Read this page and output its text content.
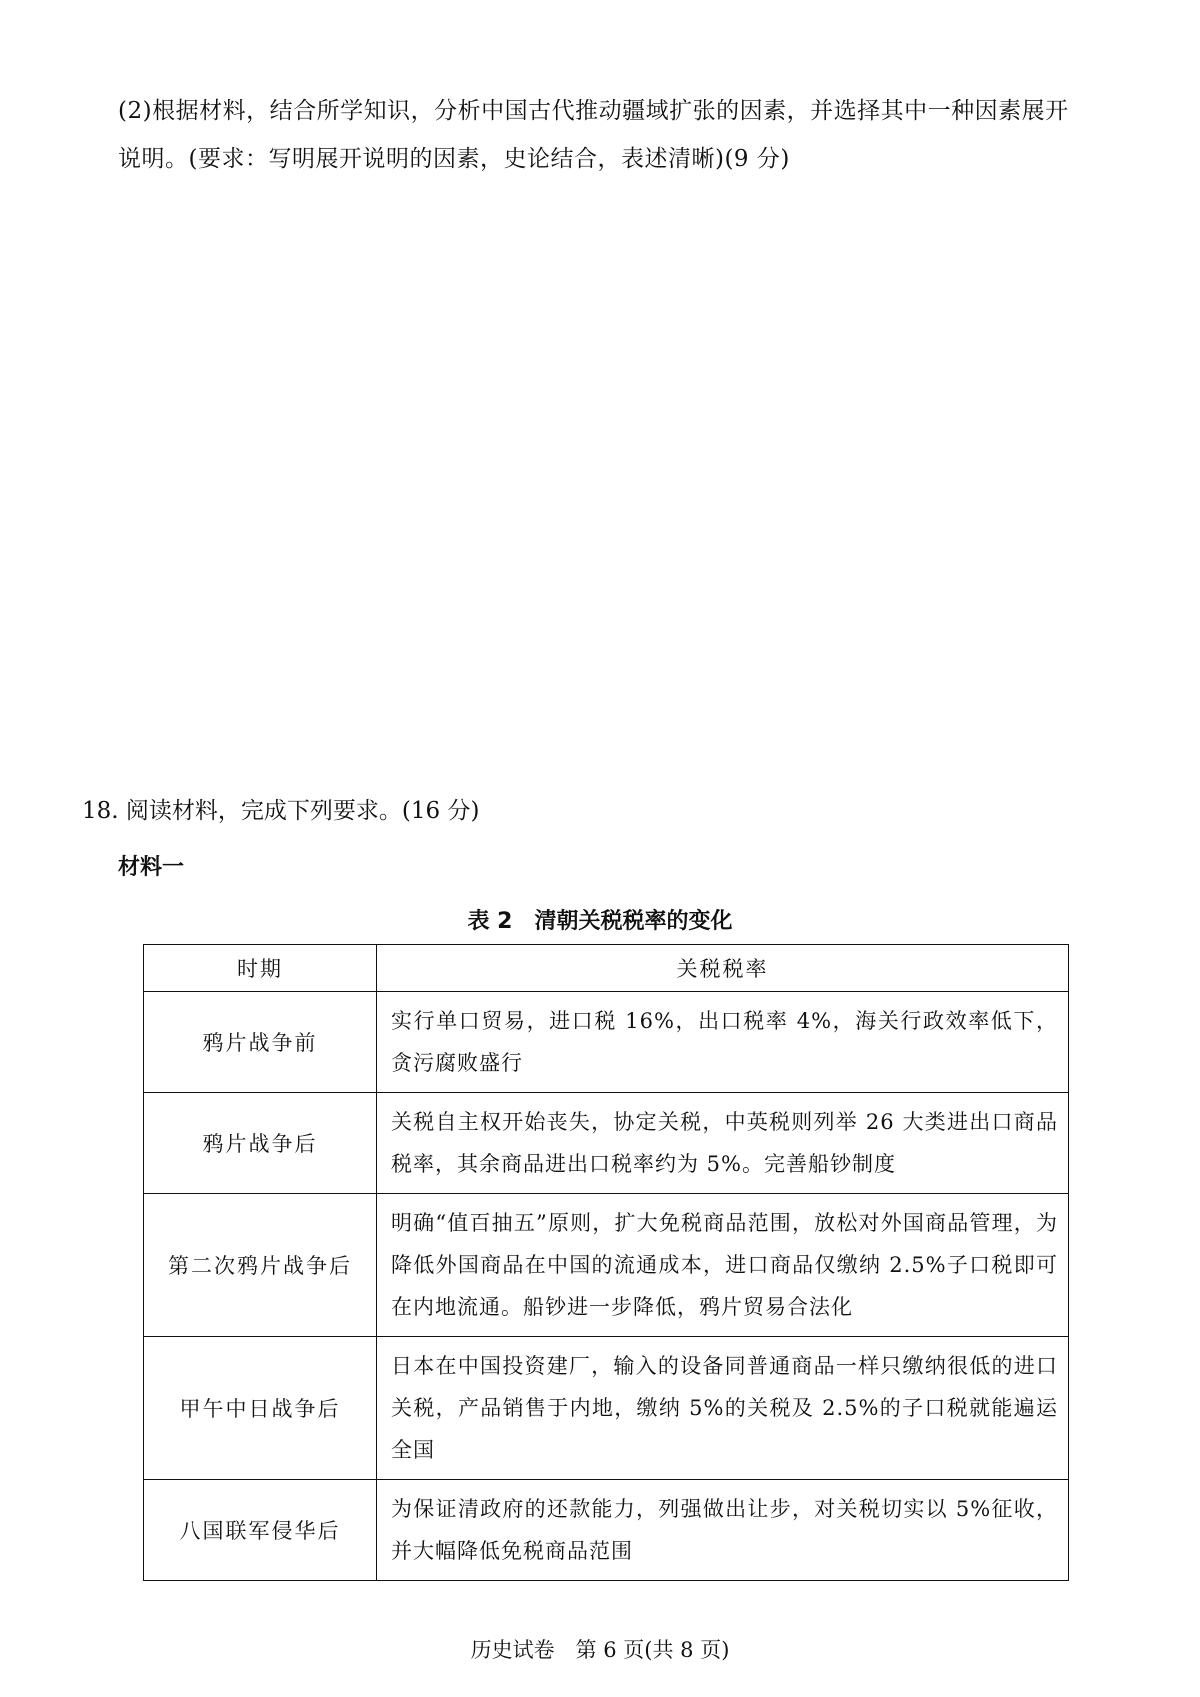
(2)根据材料，结合所学知识，分析中国古代推动疆域扩张的因素，并选择其中一种因素展开
说明。(要求：写明展开说明的因素，史论结合，表述清晰)(9 分)
18. 阅读材料，完成下列要求。(16 分)
材料一
表 2 清朝关税税率的变化
时期	关税税率
鸦片战争前	实行单口贸易，进口税 16%，出口税率 4%，海关行政效率低下，贪污腐败盛行
鸦片战争后	关税自主权开始丧失，协定关税，中英税则列举 26 大类进出口商品税率，其余商品进出口税率约为 5%。完善船钞制度
第二次鸦片战争后	明确“值百抽五”原则，扩大免税商品范围，放松对外国商品管理，为降低外国商品在中国的流通成本，进口商品仅缴纳 2.5%子口税即可在内地流通。船钞进一步降低，鸦片贸易合法化
甲午中日战争后	日本在中国投资建厂，输入的设备同普通商品一样只缴纳很低的进口关税，产品销售于内地，缴纳 5%的关税及 2.5%的子口税就能遍运全国
八国联军侵华后	为保证清政府的还款能力，列强做出让步，对关税切实以 5%征收，并大幅降低免税商品范围
历史试卷　第 6 页(共 8 页)
